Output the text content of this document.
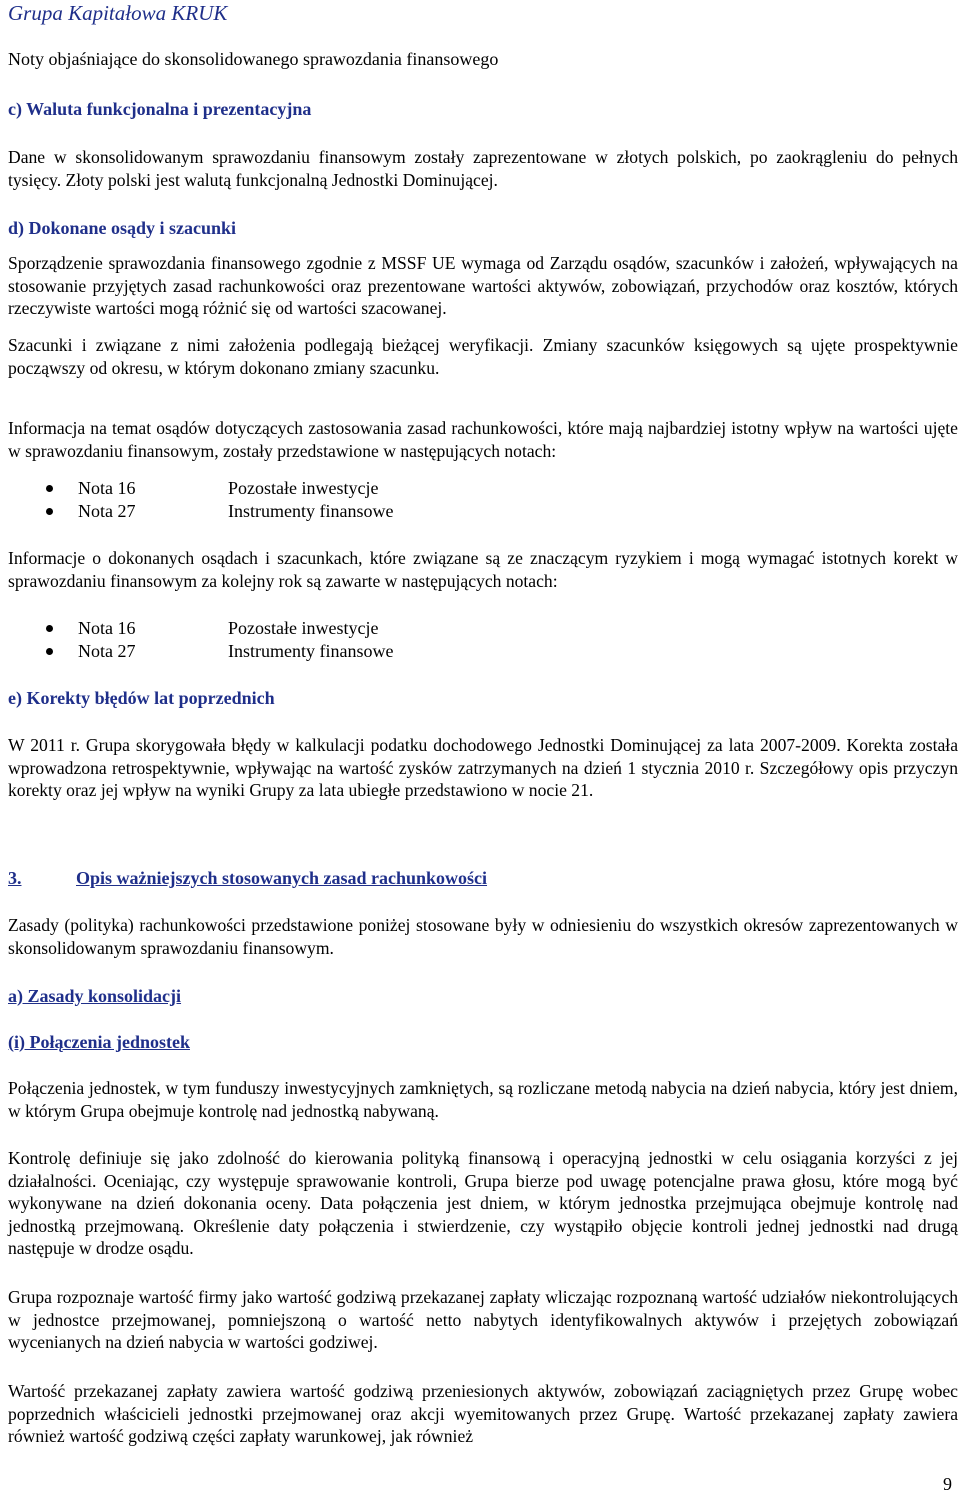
Grupa Kapitałowa KRUK
Noty objaśniające do skonsolidowanego sprawozdania finansowego
c) Waluta funkcjonalna i prezentacyjna
Dane w skonsolidowanym sprawozdaniu finansowym zostały zaprezentowane w złotych polskich, po zaokrągleniu do pełnych tysięcy. Złoty polski jest walutą funkcjonalną Jednostki Dominującej.
d) Dokonane osądy i szacunki
Sporządzenie sprawozdania finansowego zgodnie z MSSF UE wymaga od Zarządu osądów, szacunków i założeń, wpływających na stosowanie przyjętych zasad rachunkowości oraz prezentowane wartości aktywów, zobowiązań, przychodów oraz kosztów, których rzeczywiste wartości mogą różnić się od wartości szacowanej.
Szacunki i związane z nimi założenia podlegają bieżącej weryfikacji. Zmiany szacunków księgowych są ujęte prospektywnie począwszy od okresu, w którym dokonano zmiany szacunku.
Informacja na temat osądów dotyczących zastosowania zasad rachunkowości, które mają najbardziej istotny wpływ na wartości ujęte w sprawozdaniu finansowym, zostały przedstawione w następujących notach:
Nota 16	Pozostałe inwestycje
Nota 27	Instrumenty finansowe
Informacje o dokonanych osądach i szacunkach, które związane są ze znaczącym ryzykiem i mogą wymagać istotnych korekt w sprawozdaniu finansowym za kolejny rok są zawarte w następujących notach:
Nota 16	Pozostałe inwestycje
Nota 27	Instrumenty finansowe
e) Korekty błędów lat poprzednich
W 2011 r. Grupa skorygowała błędy w kalkulacji podatku dochodowego Jednostki Dominującej za lata 2007-2009. Korekta została wprowadzona retrospektywnie, wpływając na wartość zysków zatrzymanych na dzień 1 stycznia 2010 r. Szczegółowy opis przyczyn korekty oraz jej wpływ na wyniki Grupy za lata ubiegłe przedstawiono w nocie 21.
3.	Opis ważniejszych stosowanych zasad rachunkowości
Zasady (polityka) rachunkowości przedstawione poniżej stosowane były w odniesieniu do wszystkich okresów zaprezentowanych w skonsolidowanym sprawozdaniu finansowym.
a) Zasady konsolidacji
(i) Połączenia jednostek
Połączenia jednostek, w tym funduszy inwestycyjnych zamkniętych, są rozliczane metodą nabycia na dzień nabycia, który jest dniem, w którym Grupa obejmuje kontrolę nad jednostką nabywaną.
Kontrolę definiuje się jako zdolność do kierowania polityką finansową i operacyjną jednostki w celu osiągania korzyści z jej działalności. Oceniając, czy występuje sprawowanie kontroli, Grupa bierze pod uwagę potencjalne prawa głosu, które mogą być wykonywane na dzień dokonania oceny. Data połączenia jest dniem, w którym jednostka przejmująca obejmuje kontrolę nad jednostką przejmowaną. Określenie daty połączenia i stwierdzenie, czy wystąpiło objęcie kontroli jednej jednostki nad drugą następuje w drodze osądu.
Grupa rozpoznaje wartość firmy jako wartość godziwą przekazanej zapłaty wliczając rozpoznaną wartość udziałów niekontrolujących w jednostce przejmowanej, pomniejszoną o wartość netto nabytych identyfikowalnych aktywów i przejętych zobowiązań wycenianych na dzień nabycia w wartości godziwej.
Wartość przekazanej zapłaty zawiera wartość godziwą przeniesionych aktywów, zobowiązań zaciągniętych przez Grupę wobec poprzednich właścicieli jednostki przejmowanej oraz akcji wyemitowanych przez Grupę. Wartość przekazanej zapłaty zawiera również wartość godziwą części zapłaty warunkowej, jak również
9
